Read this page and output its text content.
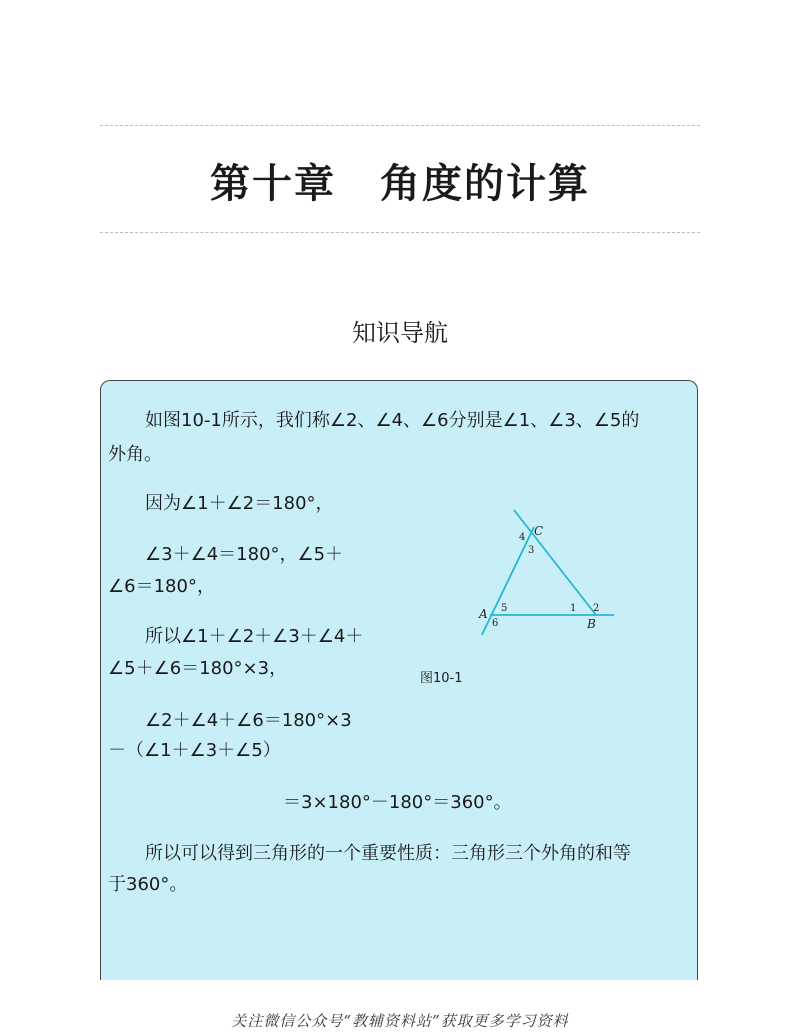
第十章 角度的计算
知识导航
如图10-1所示，我们称∠2、∠4、∠6分别是∠1、∠3、∠5的
外角。
因为∠1＋∠2＝180°，
∠3＋∠4＝180°，∠5＋
∠6＝180°，
所以∠1＋∠2＋∠3＋∠4＋
∠5＋∠6＝180°×3，
∠2＋∠4＋∠6＝180°×3
－（∠1＋∠3＋∠5）
＝3×180°－180°＝360°。
所以可以得到三角形的一个重要性质：三角形三个外角的和等
于360°。
C
4
3
A 5
6
1 2
B
图10-1
关注微信公众号“教辅资料站”获取更多学习资料
